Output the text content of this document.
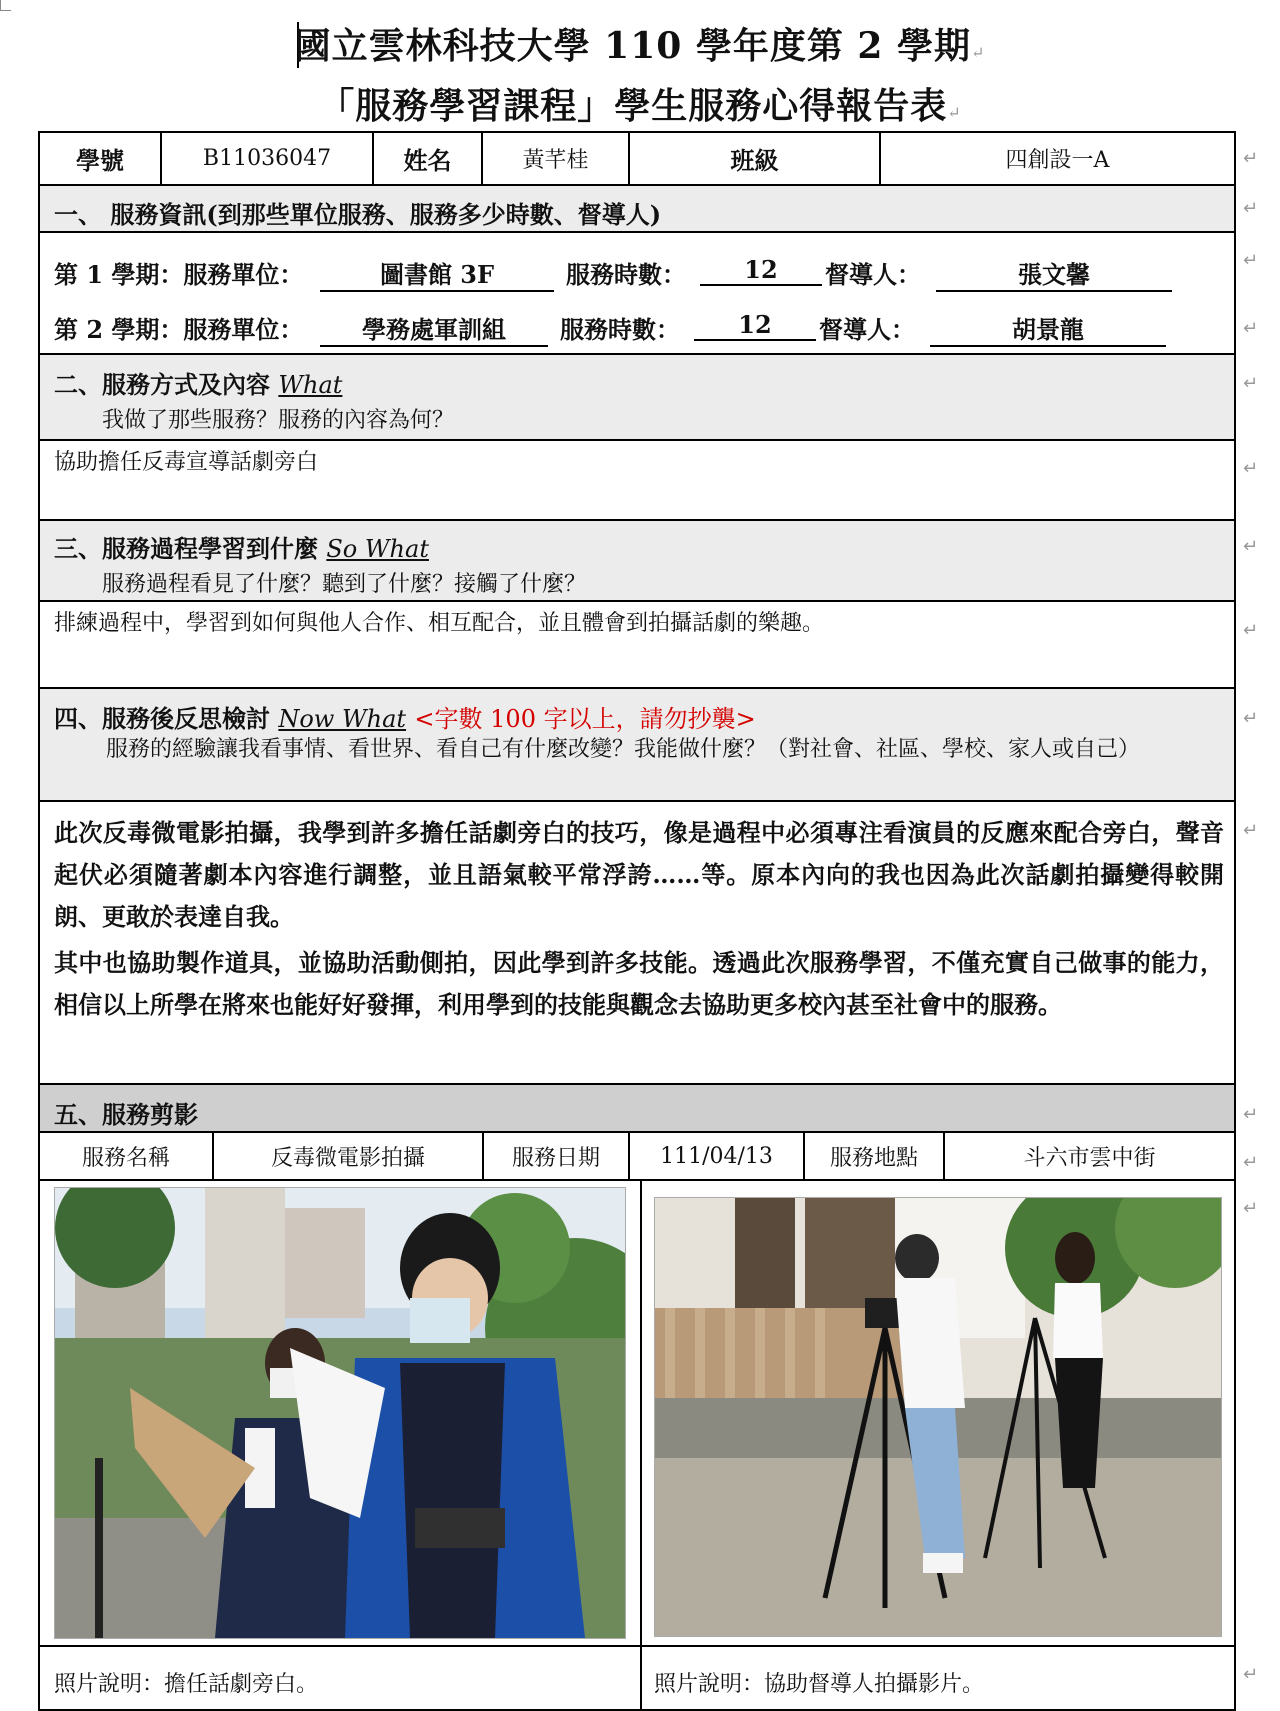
國立雲林科技大學 110 學年度第 2 學期↵
「服務學習課程」學生服務心得報告表↵
學號	B11036047	姓名	黃芊桂	班級	四創設一A
一、 服務資訊(到那些單位服務、服務多少時數、督導人)
第 1 學期：服務單位：	圖書館 3F	服務時數：	12	督導人：	張文馨
第 2 學期：服務單位：	學務處軍訓組	服務時數：	12	督導人：	胡景龍
二、服務方式及內容 What
我做了那些服務？服務的內容為何？
協助擔任反毒宣導話劇旁白
三、服務過程學習到什麼 So What
服務過程看見了什麼？聽到了什麼？接觸了什麼？
排練過程中，學習到如何與他人合作、相互配合，並且體會到拍攝話劇的樂趣。
四、服務後反思檢討 Now What <字數 100 字以上，請勿抄襲>
服務的經驗讓我看事情、看世界、看自己有什麼改變？我能做什麼？（對社會、社區、學校、家人或自己）
此次反毒微電影拍攝，我學到許多擔任話劇旁白的技巧，像是過程中必須專注看演員的反應來配合旁白，聲音起伏必須隨著劇本內容進行調整，並且語氣較平常浮誇……等。原本內向的我也因為此次話劇拍攝變得較開朗、更敢於表達自我。
其中也協助製作道具，並協助活動側拍，因此學到許多技能。透過此次服務學習，不僅充實自己做事的能力，相信以上所學在將來也能好好發揮，利用學到的技能與觀念去協助更多校內甚至社會中的服務。
五、服務剪影
服務名稱	反毒微電影拍攝	服務日期	111/04/13	服務地點	斗六市雲中街
照片說明：擔任話劇旁白。	照片說明：協助督導人拍攝影片。
↵
↵
↵
↵
↵
↵
↵
↵
↵
↵
↵
↵
↵
↵
